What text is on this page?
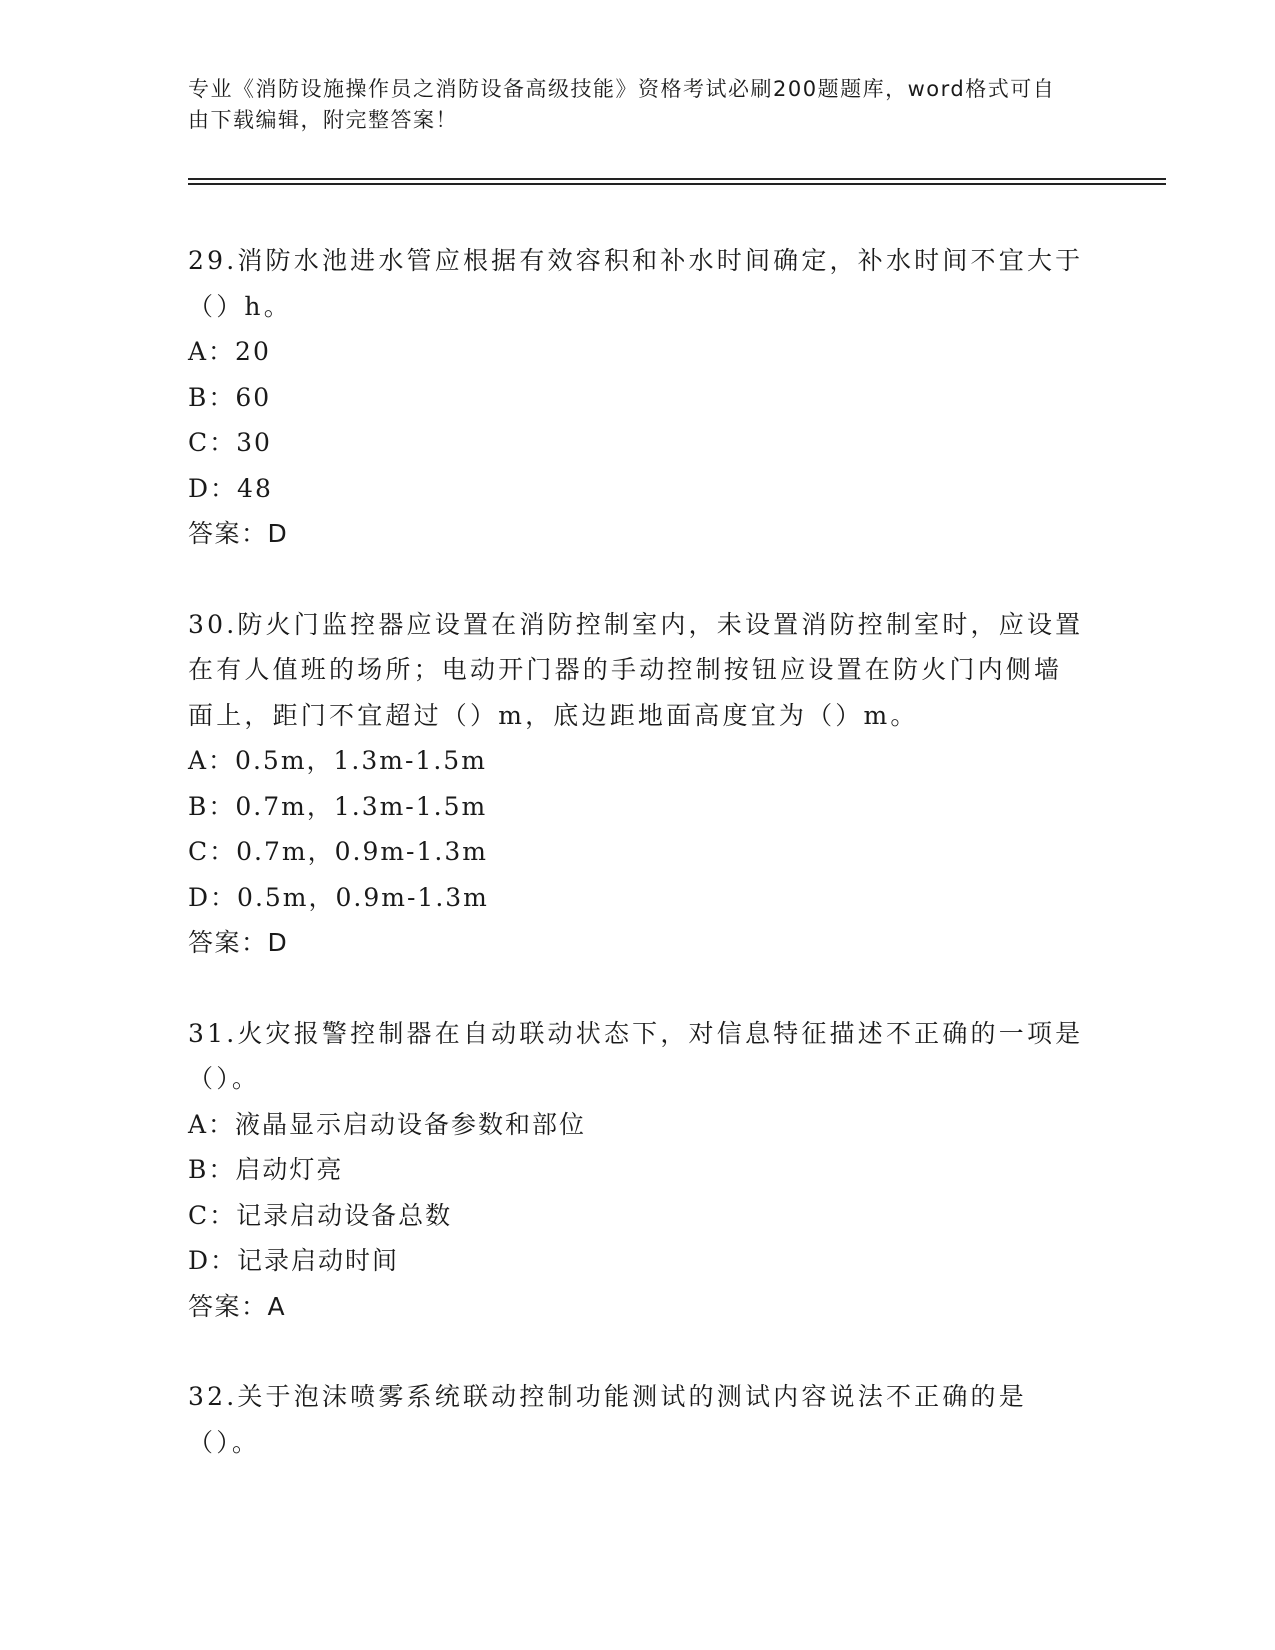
专业《消防设施操作员之消防设备高级技能》资格考试必刷200题题库，word格式可自由下载编辑，附完整答案！

29.消防水池进水管应根据有效容积和补水时间确定，补水时间不宜大于（）h。

A：20

B：60

C：30

D：48

答案：D

30.防火门监控器应设置在消防控制室内，未设置消防控制室时，应设置在有人值班的场所；电动开门器的手动控制按钮应设置在防火门内侧墙面上，距门不宜超过（）m，底边距地面高度宜为（）m。

A：0.5m，1.3m-1.5m

B：0.7m，1.3m-1.5m

C：0.7m，0.9m-1.3m

D：0.5m，0.9m-1.3m

答案：D

31.火灾报警控制器在自动联动状态下，对信息特征描述不正确的一项是（）。

A：液晶显示启动设备参数和部位

B：启动灯亮

C：记录启动设备总数

D：记录启动时间

答案：A

32.关于泡沫喷雾系统联动控制功能测试的测试内容说法不正确的是（）。
